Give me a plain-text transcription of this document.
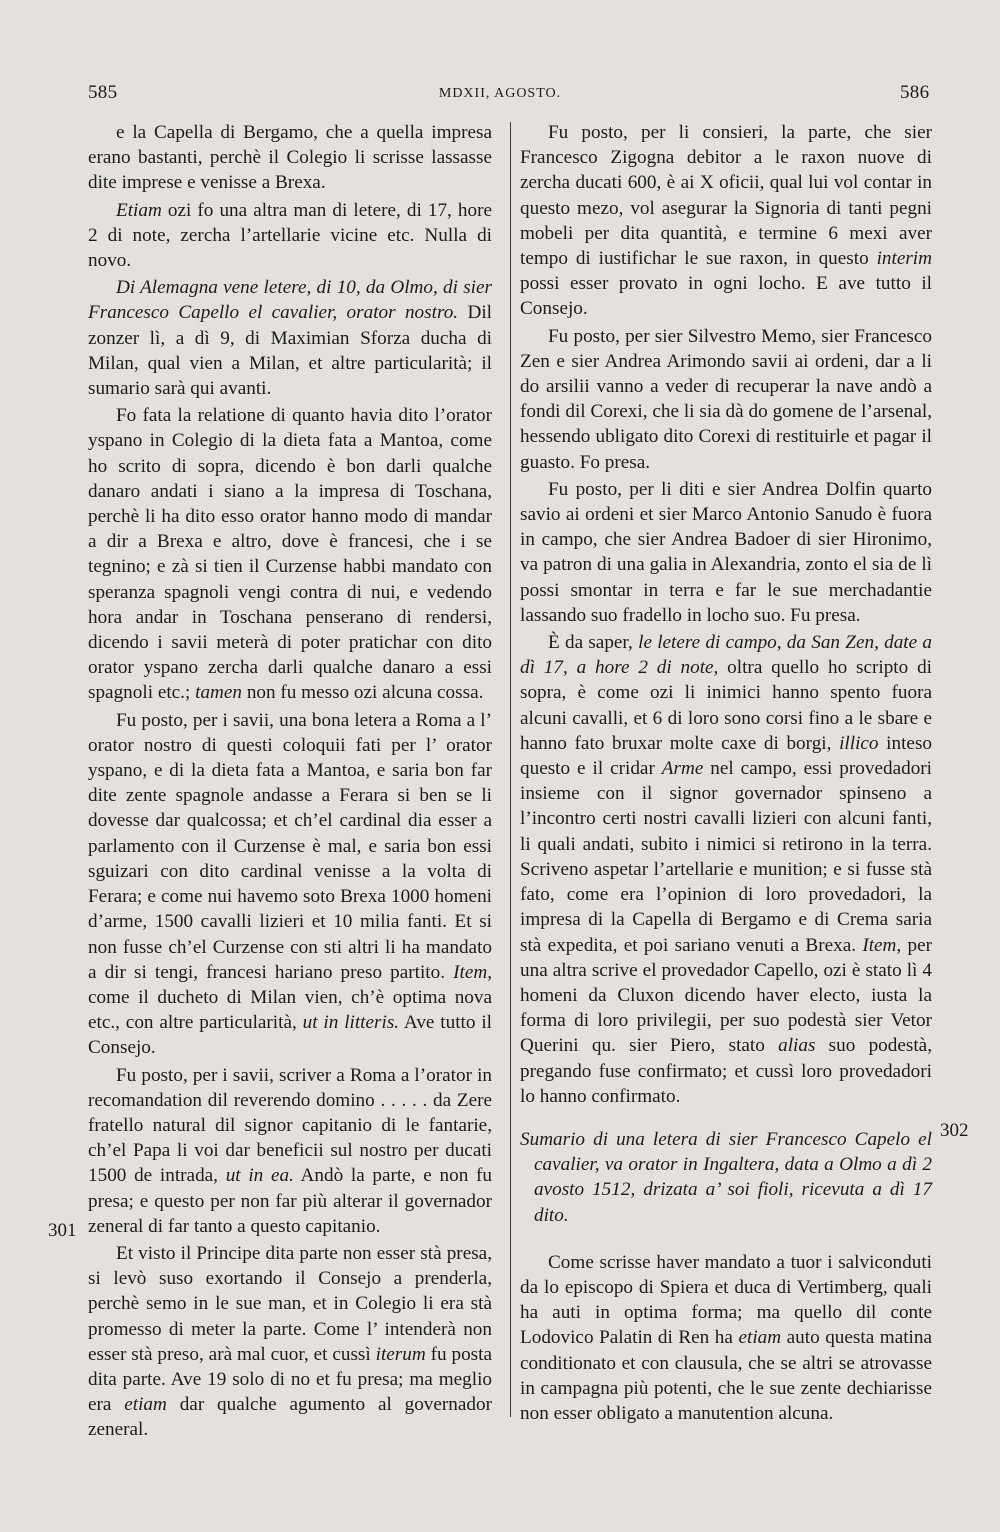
585	MDXII, AGOSTO.	586
301
302

e la Capella di Bergamo, che a quella impresa erano bastanti, perchè il Colegio li scrisse lassasse dite imprese e venisse a Brexa.

Etiam ozi fo una altra man di letere, di 17, hore 2 di note, zercha l’artellarie vicine etc. Nulla di novo.

Di Alemagna vene letere, di 10, da Olmo, di sier Francesco Capello el cavalier, orator nostro. Dil zonzer lì, a dì 9, di Maximian Sforza ducha di Milan, qual vien a Milan, et altre particularità; il sumario sarà qui avanti.

Fo fata la relatione di quanto havia dito l’orator yspano in Colegio di la dieta fata a Mantoa, come ho scrito di sopra, dicendo è bon darli qualche danaro andati i siano a la impresa di Toschana, perchè li ha dito esso orator hanno modo di mandar a dir a Brexa e altro, dove è francesi, che i se tegnino; e zà si tien il Curzense habbi mandato con speranza spagnoli vengi contra di nui, e vedendo hora andar in Toschana penserano di rendersi, dicendo i savii meterà di poter pratichar con dito orator yspano zercha darli qualche danaro a essi spagnoli etc.; tamen non fu messo ozi alcuna cossa.

Fu posto, per i savii, una bona letera a Roma a l’ orator nostro di questi coloquii fati per l’ orator yspano, e di la dieta fata a Mantoa, e saria bon far dite zente spagnole andasse a Ferara si ben se li dovesse dar qualcossa; et ch’el cardinal dia esser a parlamento con il Curzense è mal, e saria bon essi sguizari con dito cardinal venisse a la volta di Ferara; e come nui havemo soto Brexa 1000 homeni d’arme, 1500 cavalli lizieri et 10 milia fanti. Et si non fusse ch’el Curzense con sti altri li ha mandato a dir si tengi, francesi hariano preso partito. Item, come il ducheto di Milan vien, ch’è optima nova etc., con altre particularità, ut in litteris. Ave tutto il Consejo.

Fu posto, per i savii, scriver a Roma a l’orator in recomandation dil reverendo domino . . . . . da Zere fratello natural dil signor capitanio di le fantarie, ch’el Papa li voi dar beneficii sul nostro per ducati 1500 de intrada, ut in ea. Andò la parte, e non fu presa; e questo per non far più alterar il governador zeneral di far tanto a questo capitanio.

Et visto il Principe dita parte non esser stà presa, si levò suso exortando il Consejo a prenderla, perchè semo in le sue man, et in Colegio li era stà promesso di meter la parte. Come l’ intenderà non esser stà preso, arà mal cuor, et cussì iterum fu posta dita parte. Ave 19 solo di no et fu presa; ma meglio era etiam dar qualche agumento al governador zeneral.

Fu posto, per li consieri, la parte, che sier Francesco Zigogna debitor a le raxon nuove di zercha ducati 600, è ai X oficii, qual lui vol contar in questo mezo, vol asegurar la Signoria di tanti pegni mobeli per dita quantità, e termine 6 mexi aver tempo di iustifichar le sue raxon, in questo interim possi esser provato in ogni locho. E ave tutto il Consejo.

Fu posto, per sier Silvestro Memo, sier Francesco Zen e sier Andrea Arimondo savii ai ordeni, dar a li do arsilii vanno a veder di recuperar la nave andò a fondi dil Corexi, che li sia dà do gomene de l’arsenal, hessendo ubligato dito Corexi di restituirle et pagar il guasto. Fo presa.

Fu posto, per li diti e sier Andrea Dolfin quarto savio ai ordeni et sier Marco Antonio Sanudo è fuora in campo, che sier Andrea Badoer di sier Hironimo, va patron di una galia in Alexandria, zonto el sia de lì possi smontar in terra e far le sue merchadantie lassando suo fradello in locho suo. Fu presa.

È da saper, le letere di campo, da San Zen, date a dì 17, a hore 2 di note, oltra quello ho scripto di sopra, è come ozi li inimici hanno spento fuora alcuni cavalli, et 6 di loro sono corsi fino a le sbare e hanno fato bruxar molte caxe di borgi, illico inteso questo e il cridar Arme nel campo, essi provedadori insieme con il signor governador spinseno a l’incontro certi nostri cavalli lizieri con alcuni fanti, li quali andati, subito i nimici si retirono in la terra. Scriveno aspetar l’artellarie e munition; e si fusse stà fato, come era l’opinion di loro provedadori, la impresa di la Capella di Bergamo e di Crema saria stà expedita, et poi sariano venuti a Brexa. Item, per una altra scrive el provedador Capello, ozi è stato lì 4 homeni da Cluxon dicendo haver electo, iusta la forma di loro privilegii, per suo podestà sier Vetor Querini qu. sier Piero, stato alias suo podestà, pregando fuse confirmato; et cussì loro provedadori lo hanno confirmato.

Sumario di una letera di sier Francesco Capelo el cavalier, va orator in Ingaltera, data a Olmo a dì 2 avosto 1512, drizata a’ soi fioli, ricevuta a dì 17 dito.

Come scrisse haver mandato a tuor i salviconduti da lo episcopo di Spiera et duca di Vertimberg, quali ha auti in optima forma; ma quello dil conte Lodovico Palatin di Ren ha etiam auto questa matina conditionato et con clausula, che se altri se atrovasse in campagna più potenti, che le sue zente dechiarisse non esser obligato a manutention alcuna.
